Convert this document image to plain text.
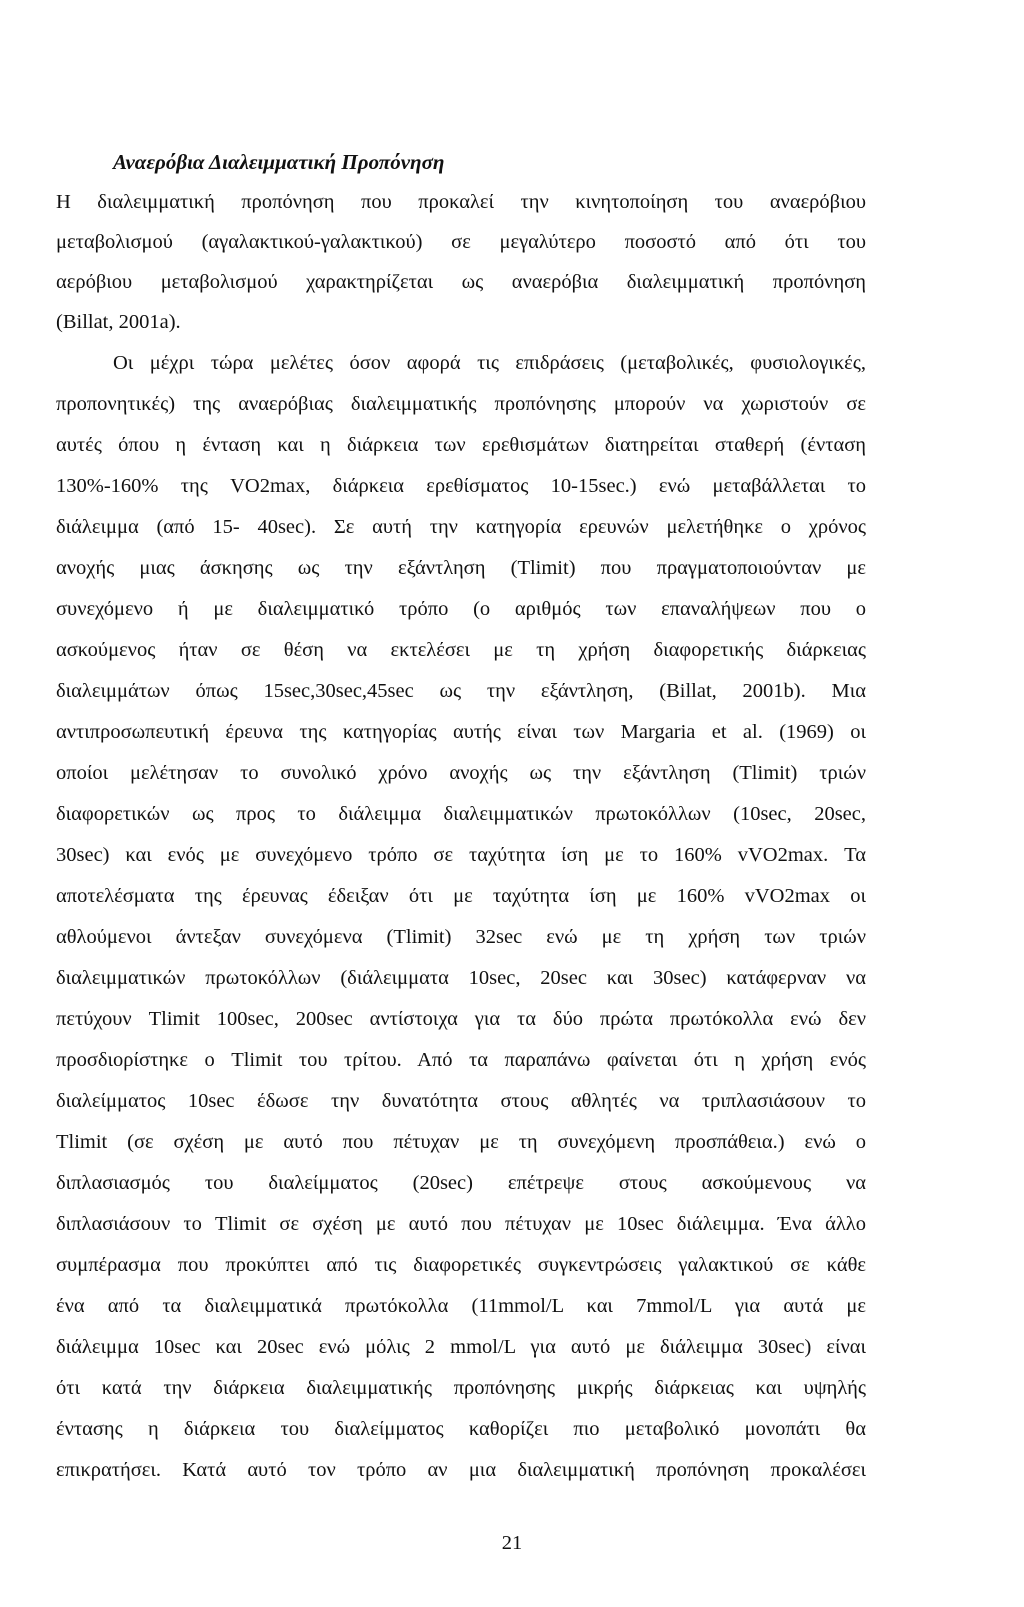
Αναερόβια Διαλειμματική Προπόνηση
Η διαλειμματική προπόνηση που προκαλεί την κινητοποίηση του αναερόβιου
μεταβολισμού (αγαλακτικού-γαλακτικού) σε μεγαλύτερο ποσοστό από ότι του
αερόβιου μεταβολισμού χαρακτηρίζεται ως αναερόβια διαλειμματική προπόνηση
(Billat, 2001a).
Οι μέχρι τώρα μελέτες όσον αφορά τις επιδράσεις (μεταβολικές, φυσιολογικές,
προπονητικές) της αναερόβιας διαλειμματικής προπόνησης μπορούν να χωριστούν σε
αυτές όπου η ένταση και η διάρκεια των ερεθισμάτων διατηρείται σταθερή (ένταση
130%-160% της VO2max, διάρκεια ερεθίσματος 10-15sec.) ενώ μεταβάλλεται το
διάλειμμα (από 15- 40sec). Σε αυτή την κατηγορία ερευνών μελετήθηκε ο χρόνος
ανοχής μιας άσκησης ως την εξάντληση (Tlimit) που πραγματοποιούνταν με
συνεχόμενο ή με διαλειμματικό τρόπο (ο αριθμός των επαναλήψεων που ο
ασκούμενος ήταν σε θέση να εκτελέσει με τη χρήση διαφορετικής διάρκειας
διαλειμμάτων όπως 15sec,30sec,45sec ως την εξάντληση, (Billat, 2001b). Μια
αντιπροσωπευτική έρευνα της κατηγορίας αυτής είναι των Margaria et al. (1969) οι
οποίοι μελέτησαν το συνολικό χρόνο ανοχής ως την εξάντληση (Tlimit) τριών
διαφορετικών ως προς το διάλειμμα διαλειμματικών πρωτοκόλλων (10sec, 20sec,
30sec) και ενός με συνεχόμενο τρόπο σε ταχύτητα ίση με το 160% vVO2max. Τα
αποτελέσματα της έρευνας έδειξαν ότι με ταχύτητα ίση με 160% vVO2max οι
αθλούμενοι άντεξαν συνεχόμενα (Tlimit) 32sec ενώ με τη χρήση των τριών
διαλειμματικών πρωτοκόλλων (διάλειμματα 10sec, 20sec και 30sec) κατάφερναν να
πετύχουν Tlimit 100sec, 200sec αντίστοιχα για τα δύο πρώτα πρωτόκολλα ενώ δεν
προσδιορίστηκε ο Tlimit του τρίτου. Από τα παραπάνω φαίνεται ότι η χρήση ενός
διαλείμματος 10sec έδωσε την δυνατότητα στους αθλητές να τριπλασιάσουν το
Tlimit (σε σχέση με αυτό που πέτυχαν με τη συνεχόμενη προσπάθεια.) ενώ ο
διπλασιασμός του διαλείμματος (20sec) επέτρεψε στους ασκούμενους να
διπλασιάσουν το Tlimit σε σχέση με αυτό που πέτυχαν με 10sec διάλειμμα. Ένα άλλο
συμπέρασμα που προκύπτει από τις διαφορετικές συγκεντρώσεις γαλακτικού σε κάθε
ένα από τα διαλειμματικά πρωτόκολλα (11mmol/L και 7mmol/L για αυτά με
διάλειμμα 10sec και 20sec ενώ μόλις 2 mmol/L για αυτό με διάλειμμα 30sec) είναι
ότι κατά την διάρκεια διαλειμματικής προπόνησης μικρής διάρκειας και υψηλής
έντασης η διάρκεια του διαλείμματος καθορίζει πιο μεταβολικό μονοπάτι θα
επικρατήσει. Κατά αυτό τον τρόπο αν μια διαλειμματική προπόνηση προκαλέσει
21
